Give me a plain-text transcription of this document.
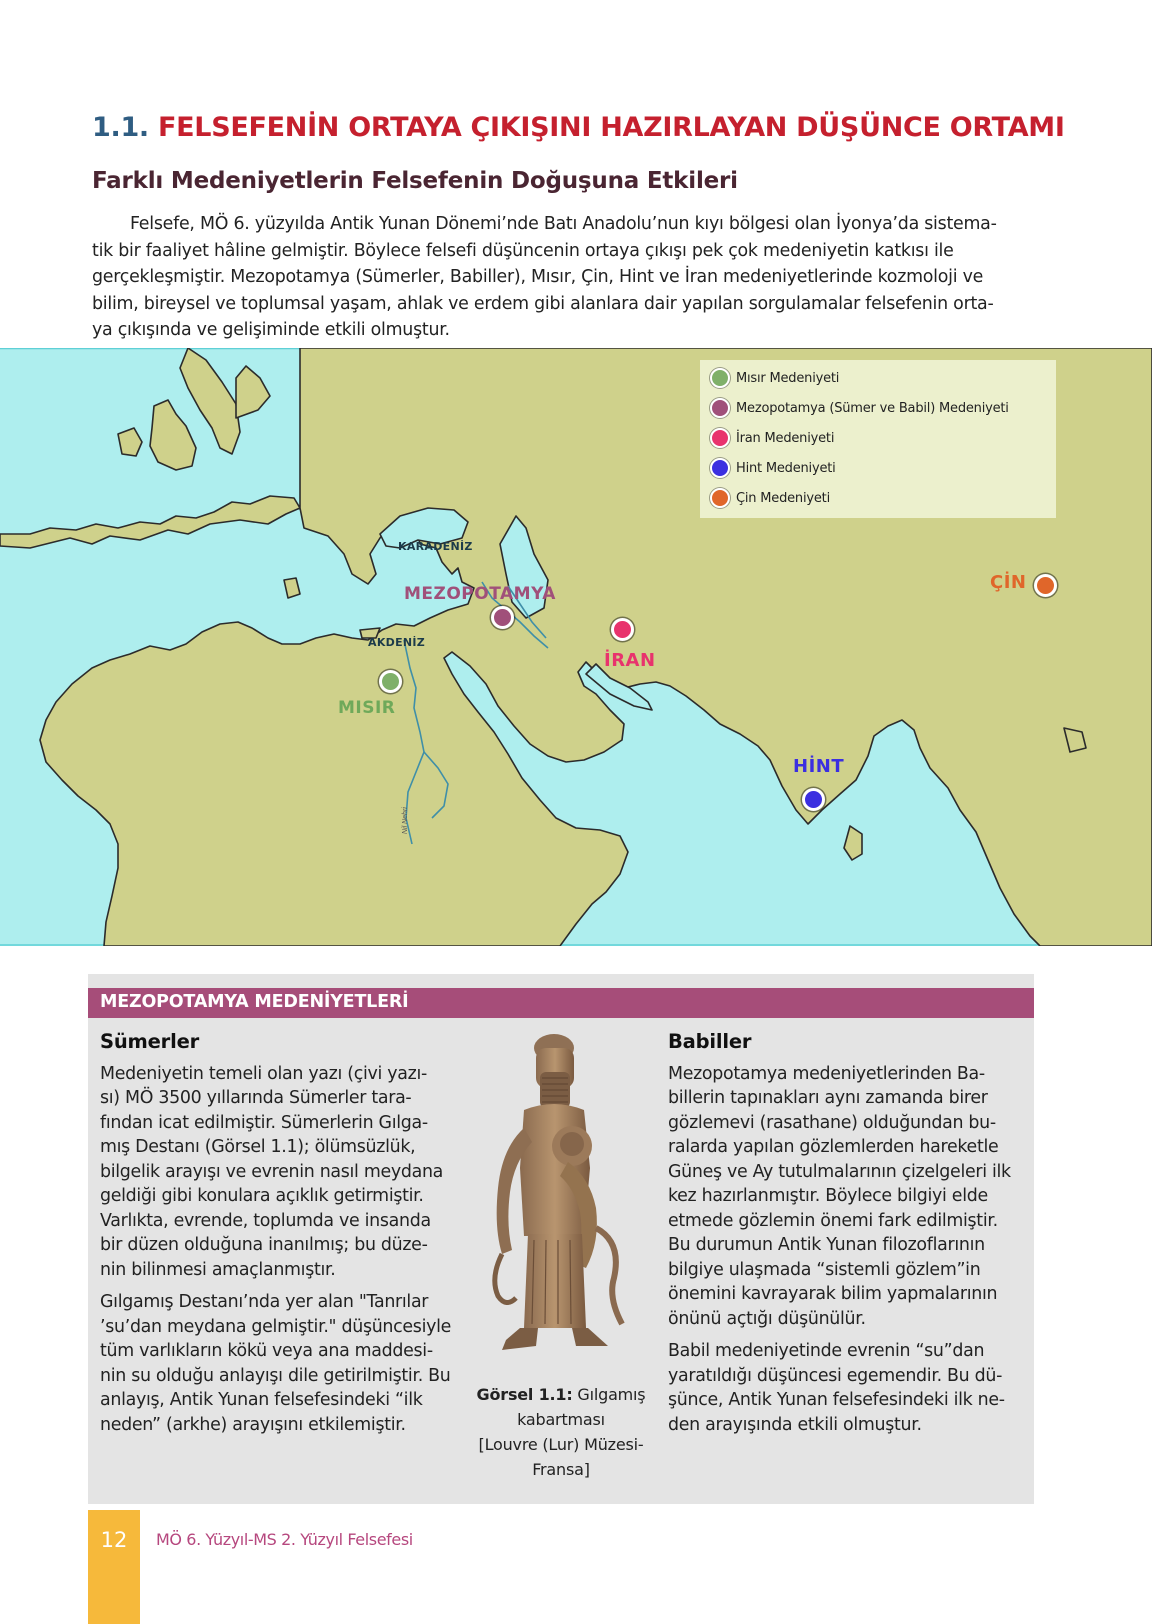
1.1. FELSEFENİN ORTAYA ÇIKIŞINI HAZIRLAYAN DÜŞÜNCE ORTAMI
Farklı Medeniyetlerin Felsefenin Doğuşuna Etkileri

Felsefe, MÖ 6. yüzyılda Antik Yunan Dönemi’nde Batı Anadolu’nun kıyı bölgesi olan İyonya’da sistema-
tik bir faaliyet hâline gelmiştir. Böylece felsefi düşüncenin ortaya çıkışı pek çok medeniyetin katkısı ile
gerçekleşmiştir. Mezopotamya (Sümerler, Babiller), Mısır, Çin, Hint ve İran medeniyetlerinde kozmoloji ve
bilim, bireysel ve toplumsal yaşam, ahlak ve erdem gibi alanlara dair yapılan sorgulamalar felsefenin orta-
ya çıkışında ve gelişiminde etkili olmuştur.

Mısır Medeniyeti
Mezopotamya (Sümer ve Babil) Medeniyeti
İran Medeniyeti
Hint Medeniyeti
Çin Medeniyeti
KARADENİZ
AKDENİZ
Nil Nehri
MEZOPOTAMYA
İRAN
MISIR
HİNT
ÇİN
MEZOPOTAMYA MEDENİYETLERİ
Sümerler

Medeniyetin temeli olan yazı (çivi yazı-
sı) MÖ 3500 yıllarında Sümerler tara-
fından icat edilmiştir. Sümerlerin Gılga-
mış Destanı (Görsel 1.1); ölümsüzlük,
bilgelik arayışı ve evrenin nasıl meydana
geldiği gibi konulara açıklık getirmiştir.
Varlıkta, evrende, toplumda ve insanda
bir düzen olduğuna inanılmış; bu düze-
nin bilinmesi amaçlanmıştır.

Gılgamış Destanı’nda yer alan "Tanrılar
’su’dan meydana gelmiştir." düşüncesiyle
tüm varlıkların kökü veya ana maddesi-
nin su olduğu anlayışı dile getirilmiştir. Bu
anlayış, Antik Yunan felsefesindeki “ilk
neden” (arkhe) arayışını etkilemiştir.

Görsel 1.1: Gılgamış kabartması
[Louvre (Lur) Müzesi-Fransa]
Babiller

Mezopotamya medeniyetlerinden Ba-
billerin tapınakları aynı zamanda birer
gözlemevi (rasathane) olduğundan bu-
ralarda yapılan gözlemlerden hareketle
Güneş ve Ay tutulmalarının çizelgeleri ilk
kez hazırlanmıştır. Böylece bilgiyi elde
etmede gözlemin önemi fark edilmiştir.
Bu durumun Antik Yunan filozoflarının
bilgiye ulaşmada “sistemli gözlem”in
önemini kavrayarak bilim yapmalarının
önünü açtığı düşünülür.

Babil medeniyetinde evrenin “su”dan
yaratıldığı düşüncesi egemendir. Bu dü-
şünce, Antik Yunan felsefesindeki ilk ne-
den arayışında etkili olmuştur.

12	MÖ 6. Yüzyıl-MS 2. Yüzyıl Felsefesi
